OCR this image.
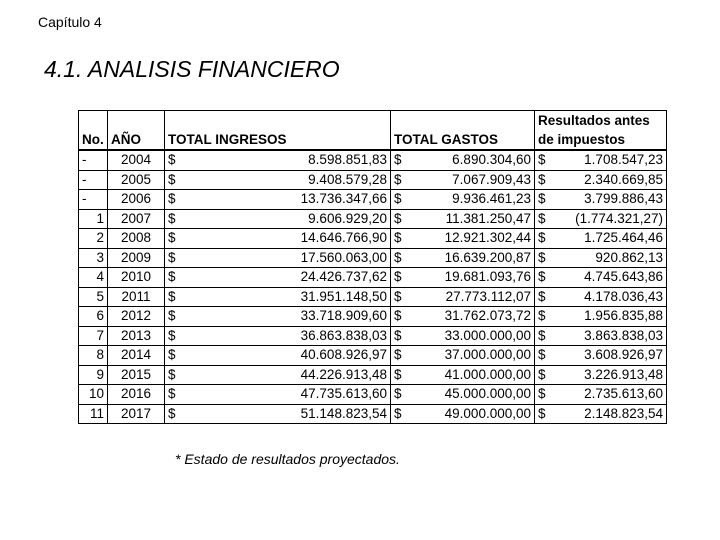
Capítulo 4
4.1. ANALISIS FINANCIERO
No.	AÑO	TOTAL INGRESOS		TOTAL GASTOS		Resultados antes
de impuestos	

-	2004	$	8.598.851,83	$	6.890.304,60	$	1.708.547,23
-	2005	$	9.408.579,28	$	7.067.909,43	$	2.340.669,85
-	2006	$	13.736.347,66	$	9.936.461,23	$	3.799.886,43
1	2007	$	9.606.929,20	$	11.381.250,47	$	(1.774.321,27)
2	2008	$	14.646.766,90	$	12.921.302,44	$	1.725.464,46
3	2009	$	17.560.063,00	$	16.639.200,87	$	920.862,13
4	2010	$	24.426.737,62	$	19.681.093,76	$	4.745.643,86
5	2011	$	31.951.148,50	$	27.773.112,07	$	4.178.036,43
6	2012	$	33.718.909,60	$	31.762.073,72	$	1.956.835,88
7	2013	$	36.863.838,03	$	33.000.000,00	$	3.863.838,03
8	2014	$	40.608.926,97	$	37.000.000,00	$	3.608.926,97
9	2015	$	44.226.913,48	$	41.000.000,00	$	3.226.913,48
10	2016	$	47.735.613,60	$	45.000.000,00	$	2.735.613,60
11	2017	$	51.148.823,54	$	49.000.000,00	$	2.148.823,54
* Estado de resultados proyectados.
